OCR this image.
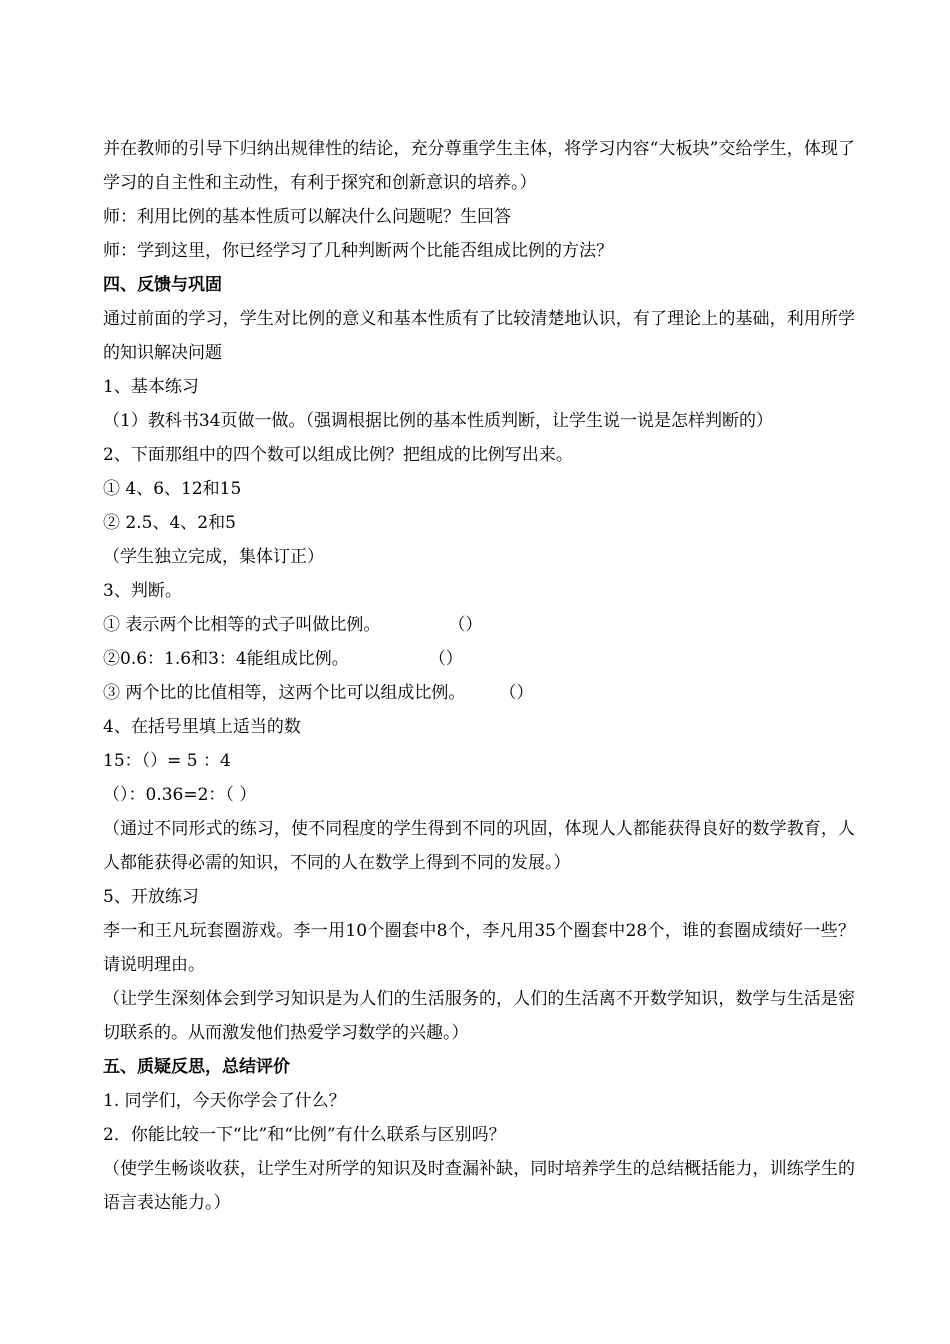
并在教师的引导下归纳出规律性的结论，充分尊重学生主体，将学习内容“大板块”交给学生，体现了学习的自主性和主动性，有利于探究和创新意识的培养。）
师：利用比例的基本性质可以解决什么问题呢？生回答
师：学到这里，你已经学习了几种判断两个比能否组成比例的方法？
四、反馈与巩固
通过前面的学习，学生对比例的意义和基本性质有了比较清楚地认识，有了理论上的基础，利用所学的知识解决问题
1、基本练习
（1）教科书34页做一做。（强调根据比例的基本性质判断，让学生说一说是怎样判断的）
2、下面那组中的四个数可以组成比例？把组成的比例写出来。
① 4、6、12和15
② 2.5、4、2和5
（学生独立完成，集体订正）
3、判断。
① 表示两个比相等的式子叫做比例。	（）
②0.6：1.6和3：4能组成比例。	（）
③ 两个比的比值相等，这两个比可以组成比例。 （）
4、在括号里填上适当的数
15：（）= 5 ：4
（）：0.36=2：（ ）
（通过不同形式的练习，使不同程度的学生得到不同的巩固，体现人人都能获得良好的数学教育，人人都能获得必需的知识，不同的人在数学上得到不同的发展。）
5、开放练习
李一和王凡玩套圈游戏。李一用10个圈套中8个，李凡用35个圈套中28个，谁的套圈成绩好一些？请说明理由。
（让学生深刻体会到学习知识是为人们的生活服务的，人们的生活离不开数学知识，数学与生活是密切联系的。从而激发他们热爱学习数学的兴趣。）
五、质疑反思，总结评价
1. 同学们，今天你学会了什么？
2．你能比较一下“比”和“比例”有什么联系与区别吗？
（使学生畅谈收获，让学生对所学的知识及时查漏补缺，同时培养学生的总结概括能力，训练学生的语言表达能力。）
